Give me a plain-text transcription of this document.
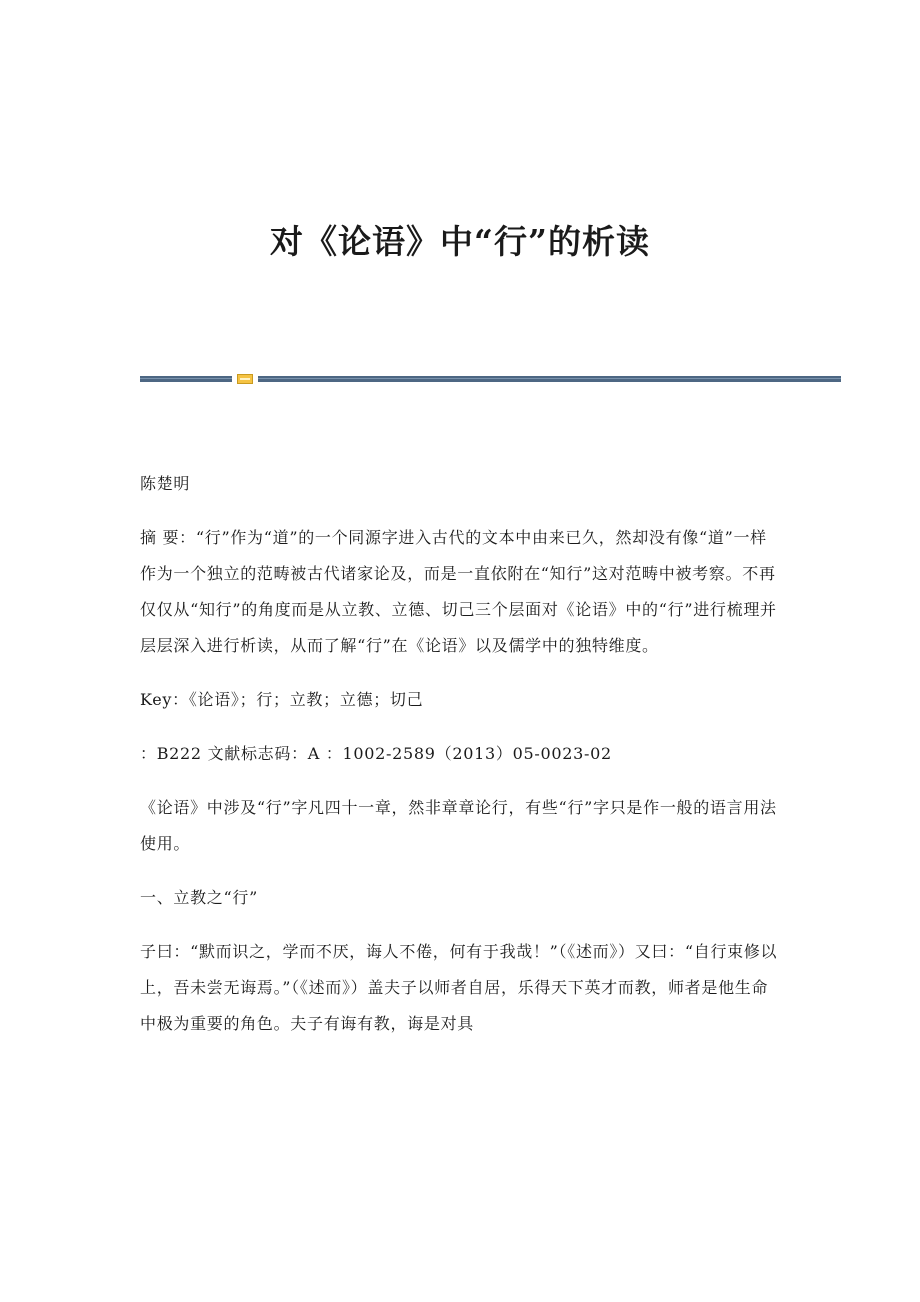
对《论语》中“行”的析读

陈楚明

摘 要：“行”作为“道”的一个同源字进入古代的文本中由来已久，然却没有像“道”一样作为一个独立的范畴被古代诸家论及，而是一直依附在“知行”这对范畴中被考察。不再仅仅从“知行”的角度而是从立教、立德、切己三个层面对《论语》中的“行”进行梳理并层层深入进行析读，从而了解“行”在《论语》以及儒学中的独特维度。

Key：《论语》；行；立教；立德；切己

：B222 文献标志码：A ：1002-2589（2013）05-0023-02

《论语》中涉及“行”字凡四十一章，然非章章论行，有些“行”字只是作一般的语言用法使用。

一、立教之“行”

子曰：“默而识之，学而不厌，诲人不倦，何有于我哉！”（《述而》）又曰：“自行束修以上，吾未尝无诲焉。”（《述而》）盖夫子以师者自居，乐得天下英才而教，师者是他生命中极为重要的角色。夫子有诲有教，诲是对具
